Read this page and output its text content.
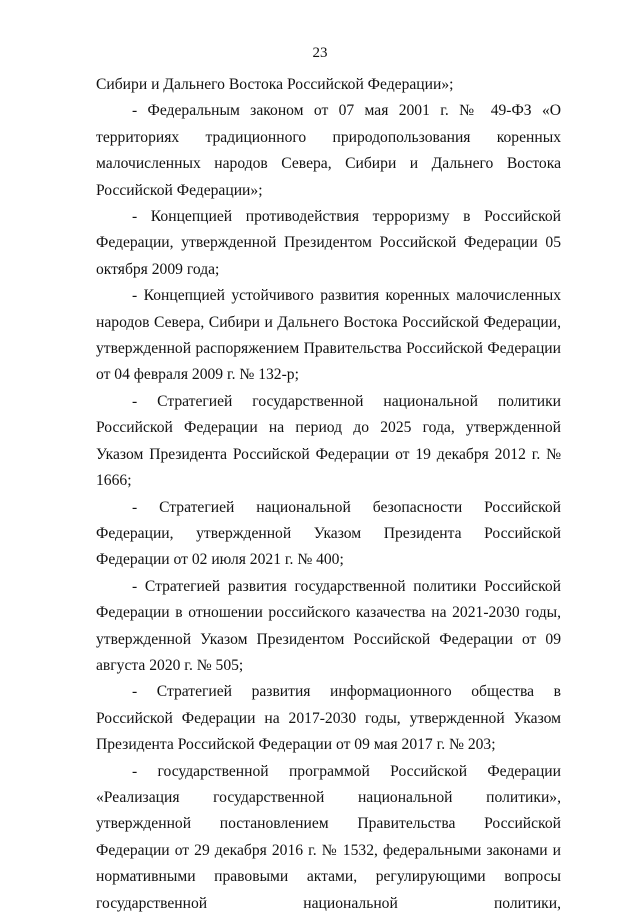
23

Сибири и Дальнего Востока Российской Федерации»;

- Федеральным законом от 07 мая 2001 г. № 49-ФЗ «О территориях традиционного природопользования коренных малочисленных народов Севера, Сибири и Дальнего Востока Российской Федерации»;

- Концепцией противодействия терроризму в Российской Федерации, утвержденной Президентом Российской Федерации 05 октября 2009 года;

- Концепцией устойчивого развития коренных малочисленных народов Севера, Сибири и Дальнего Востока Российской Федерации, утвержденной распоряжением Правительства Российской Федерации от 04 февраля 2009 г. № 132-р;

- Стратегией государственной национальной политики Российской Федерации на период до 2025 года, утвержденной Указом Президента Российской Федерации от 19 декабря 2012 г. № 1666;

- Стратегией национальной безопасности Российской Федерации, утвержденной Указом Президента Российской Федерации от 02 июля 2021 г. № 400;

- Стратегией развития государственной политики Российской Федерации в отношении российского казачества на 2021-2030 годы, утвержденной Указом Президентом Российской Федерации от 09 августа 2020 г. № 505;

- Стратегией развития информационного общества в Российской Федерации на 2017-2030 годы, утвержденной Указом Президента Российской Федерации от 09 мая 2017 г. № 203;

- государственной программой Российской Федерации «Реализация государственной национальной политики», утвержденной постановлением Правительства Российской Федерации от 29 декабря 2016 г. № 1532, федеральными законами и нормативными правовыми актами, регулирующими вопросы государственной национальной политики,
